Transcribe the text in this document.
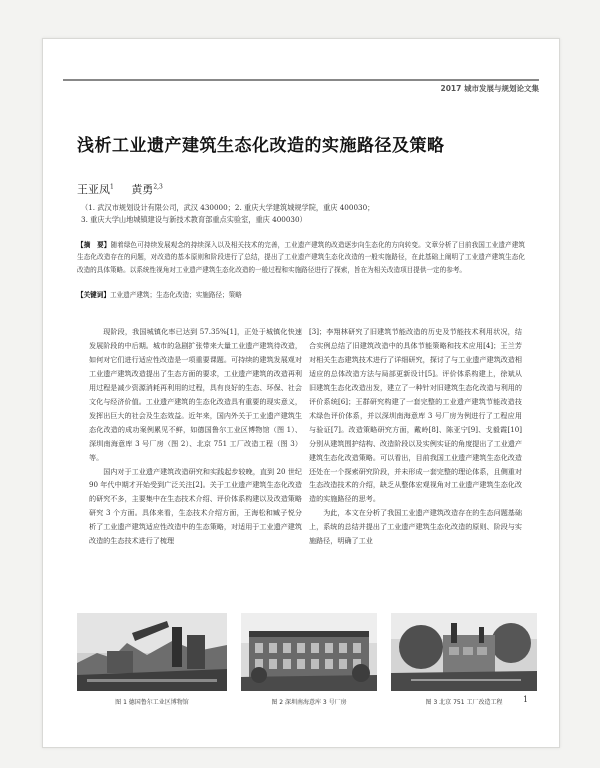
2017 城市发展与规划论文集
浅析工业遗产建筑生态化改造的实施路径及策略
王亚凤$^1$ 黄勇$^{2,3}$
（1. 武汉市规划设计有限公司，武汉 430000；2. 重庆大学建筑城规学院，重庆 400030；
3. 重庆大学山地城镇建设与新技术教育部重点实验室，重庆 400030）
【摘　要】随着绿色可持续发展观念的持续深入以及相关技术的完善，工业遗产建筑的改造逐步向生态化的方向转变。文章分析了目前我国工业遗产建筑生态化改造存在的问题，对改造的基本原则和阶段进行了总结，提出了工业遗产建筑生态化改造的一般实施路径，在此基础上阐明了工业遗产建筑生态化改造的具体策略。以系统性视角对工业遗产建筑生态化改造的一般过程和实施路径进行了探索，旨在为相关改造项目提供一定的参考。
【关键词】工业遗产建筑；生态化改造；实施路径；策略

现阶段，我国城镇化率已达到 57.35%[1]，正处于城镇化快速发展阶段的中后期。城市的急剧扩张带来大量工业遗产建筑待改造，如何对它们进行适应性改造是一项重要课题。可持续的建筑发展观对工业遗产建筑改造提出了生态方面的要求，工业遗产建筑的改造再利用过程是减少资源消耗再利用的过程，具有良好的生态、环保、社会文化与经济价值。工业遗产建筑的生态化改造具有重要的现实意义，发挥出巨大的社会及生态效益。近年来，国内外关于工业遗产建筑生态化改造的成功案例累见不鲜，如德国鲁尔工业区博物馆（图 1）、深圳南海意库 3 号厂房（图 2）、北京 751 工厂改造工程（图 3）等。

国内对于工业遗产建筑改造研究和实践起步较晚，直到 20 世纪 90 年代中期才开始受到广泛关注[2]。关于工业遗产建筑生态化改造的研究不多，主要集中在生态技术介绍、评价体系构建以及改造策略研究 3 个方面。具体来看，生态技术介绍方面，王海松和臧子悦分析了工业遗产建筑适应性改造中的生态策略，对适用于工业遗产建筑改造的生态技术进行了梳理

[3]；李翔林研究了旧建筑节能改造的历史及节能技术利用状况，结合实例总结了旧建筑改造中的具体节能策略和技术应用[4]；王兰芳对相关生态建筑技术进行了详细研究，探讨了与工业遗产建筑改造相适应的总体改造方法与局部更新设计[5]。评价体系构建上，徐斌从旧建筑生态化改造出发，建立了一种针对旧建筑生态化改造与利用的评价系统[6]；王群研究构建了一套完整的工业遗产建筑节能改造技术绿色评价体系，并以深圳南海意库 3 号厂房为例进行了工程应用与验证[7]。改造策略研究方面，戴岭[8]、陈亚宁[9]、戈毅霞[10]分别从建筑围护结构、改造阶段以及实例实证的角度提出了工业遗产建筑生态化改造策略。可以看出，目前我国工业遗产建筑生态化改造还处在一个探索研究阶段，并未形成一套完整的理论体系，且侧重对生态改造技术的介绍，缺乏从整体宏观视角对工业遗产建筑生态化改造的实施路径的思考。

为此，本文在分析了我国工业遗产建筑改造存在的生态问题基础上，系统的总结并提出了工业遗产建筑生态化改造的原则、阶段与实施路径，明确了工业

图 1 德国鲁尔工业区博物馆	图 2 深圳南海意库 3 号厂房	图 3 北京 751 工厂改造工程	1
